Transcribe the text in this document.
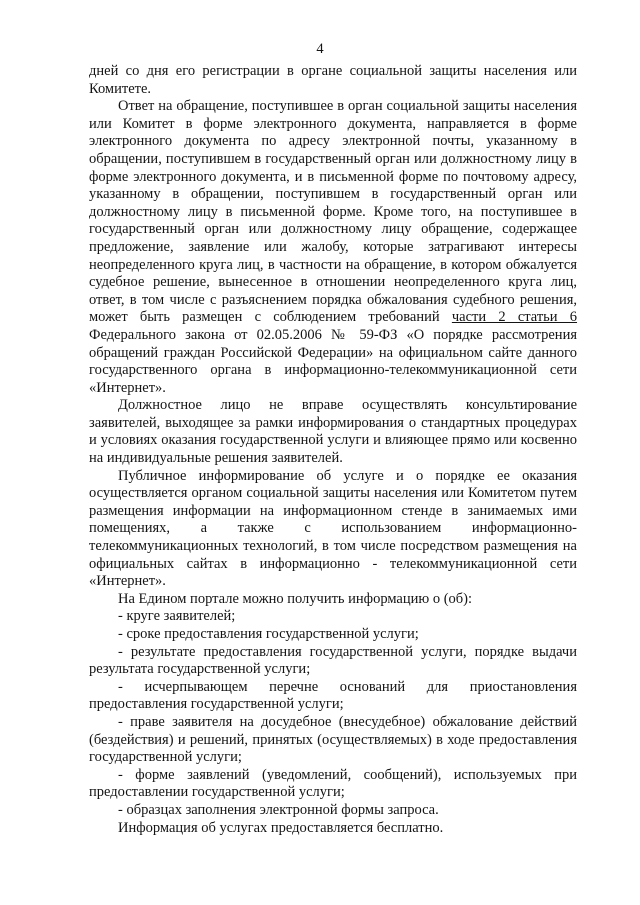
4

дней со дня его регистрации в органе социальной защиты населения или Комитете.

Ответ на обращение, поступившее в орган социальной защиты населения или Комитет в форме электронного документа, направляется в форме электронного документа по адресу электронной почты, указанному в обращении, поступившем в государственный орган или должностному лицу в форме электронного документа, и в письменной форме по почтовому адресу, указанному в обращении, поступившем в государственный орган или должностному лицу в письменной форме. Кроме того, на поступившее в государственный орган или должностному лицу обращение, содержащее предложение, заявление или жалобу, которые затрагивают интересы неопределенного круга лиц, в частности на обращение, в котором обжалуется судебное решение, вынесенное в отношении неопределенного круга лиц, ответ, в том числе с разъяснением порядка обжалования судебного решения, может быть размещен с соблюдением требований части 2 статьи 6 Федерального закона от 02.05.2006 № 59-ФЗ «О порядке рассмотрения обращений граждан Российской Федерации» на официальном сайте данного государственного органа в информационно-телекоммуникационной сети «Интернет».

Должностное лицо не вправе осуществлять консультирование заявителей, выходящее за рамки информирования о стандартных процедурах и условиях оказания государственной услуги и влияющее прямо или косвенно на индивидуальные решения заявителей.

Публичное информирование об услуге и о порядке ее оказания осуществляется органом социальной защиты населения или Комитетом путем размещения информации на информационном стенде в занимаемых ими помещениях, а также с использованием информационно-телекоммуникационных технологий, в том числе посредством размещения на официальных сайтах в информационно - телекоммуникационной сети «Интернет».

На Едином портале можно получить информацию о (об):

- круге заявителей;

- сроке предоставления государственной услуги;

- результате предоставления государственной услуги, порядке выдачи результата государственной услуги;

- исчерпывающем перечне оснований для приостановления предоставления государственной услуги;

- праве заявителя на досудебное (внесудебное) обжалование действий (бездействия) и решений, принятых (осуществляемых) в ходе предоставления государственной услуги;

- форме заявлений (уведомлений, сообщений), используемых при предоставлении государственной услуги;

- образцах заполнения электронной формы запроса.

Информация об услугах предоставляется бесплатно.
